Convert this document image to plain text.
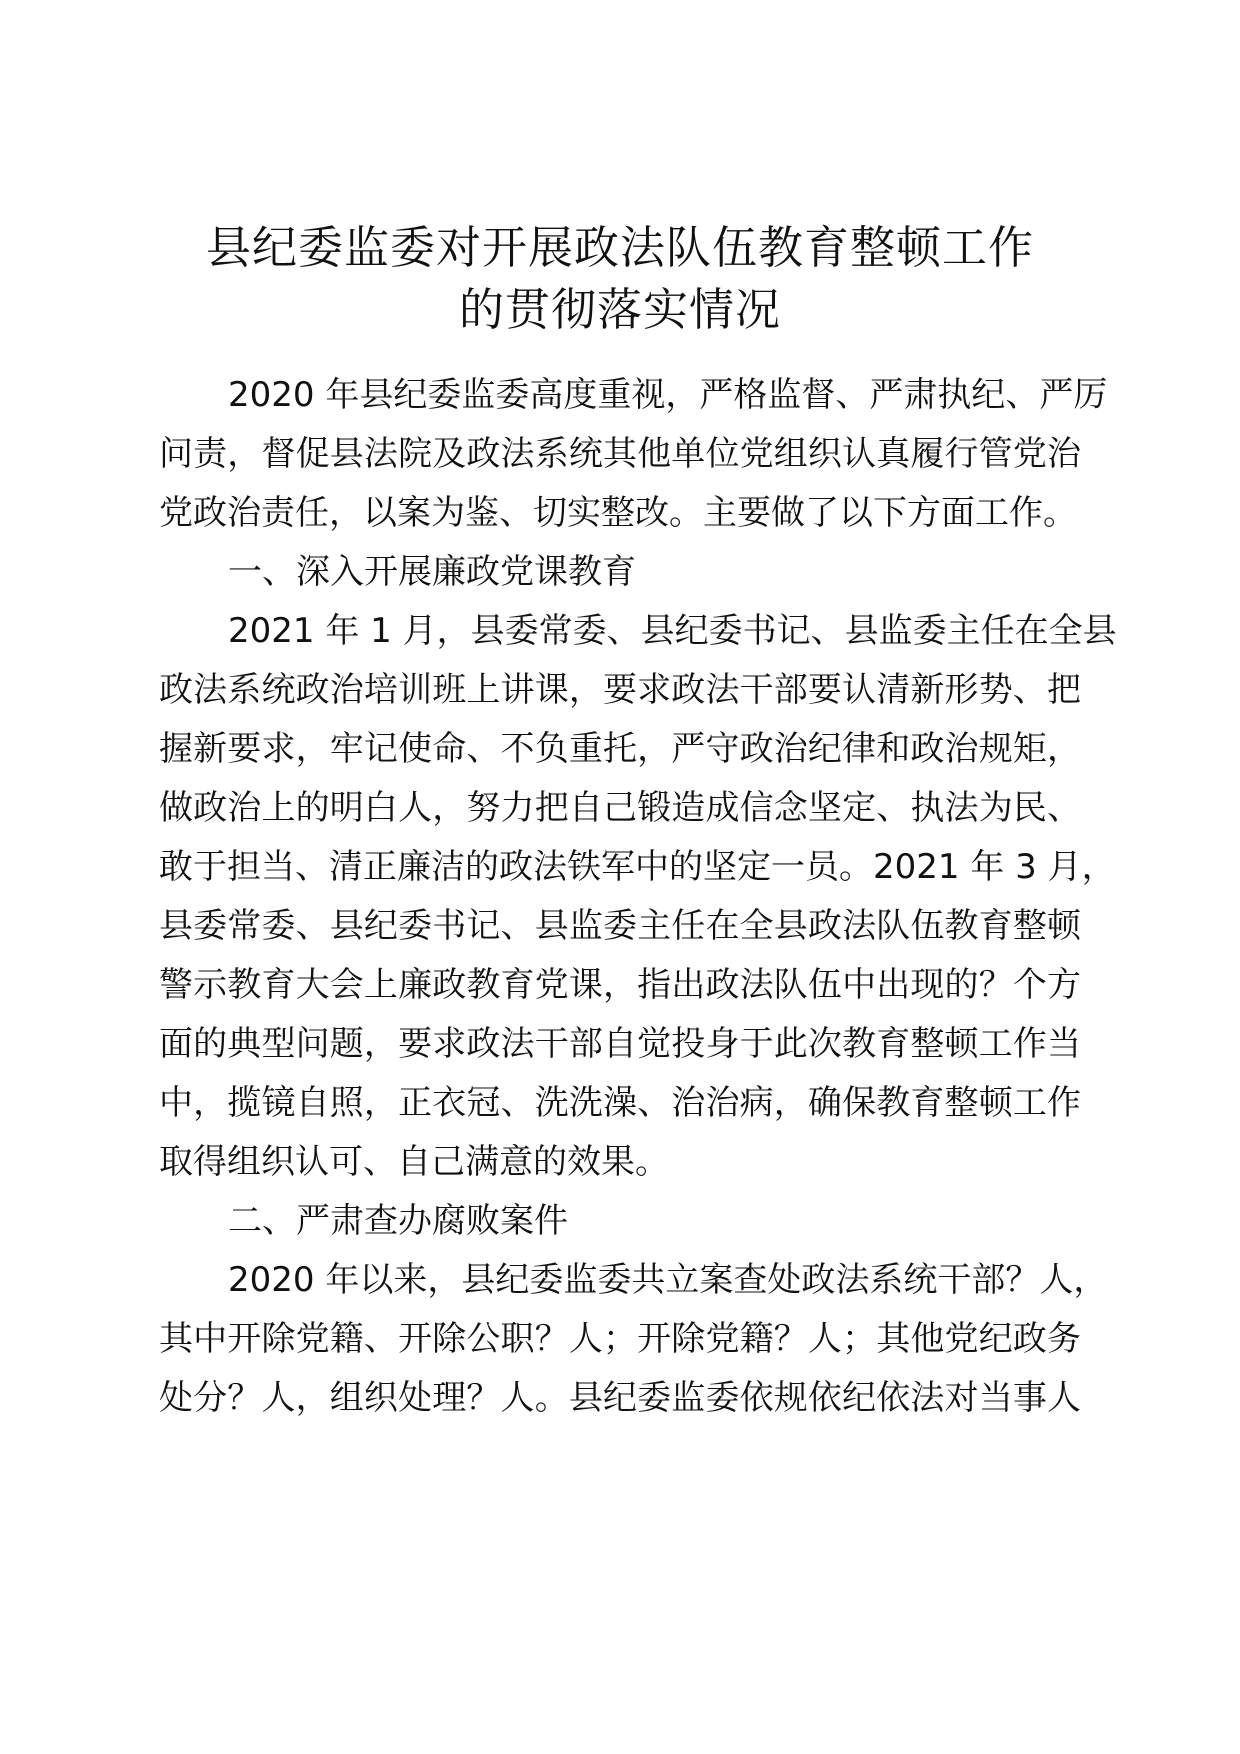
县纪委监委对开展政法队伍教育整顿工作
的贯彻落实情况
2020 年县纪委监委高度重视，严格监督、严肃执纪、严厉
问责，督促县法院及政法系统其他单位党组织认真履行管党治
党政治责任，以案为鉴、切实整改。主要做了以下方面工作。
一、深入开展廉政党课教育
2021 年 1 月，县委常委、县纪委书记、县监委主任在全县
政法系统政治培训班上讲课，要求政法干部要认清新形势、把
握新要求，牢记使命、不负重托，严守政治纪律和政治规矩，
做政治上的明白人，努力把自己锻造成信念坚定、执法为民、
敢于担当、清正廉洁的政法铁军中的坚定一员。2021 年 3 月，
县委常委、县纪委书记、县监委主任在全县政法队伍教育整顿
警示教育大会上廉政教育党课，指出政法队伍中出现的？个方
面的典型问题，要求政法干部自觉投身于此次教育整顿工作当
中，揽镜自照，正衣冠、洗洗澡、治治病，确保教育整顿工作
取得组织认可、自己满意的效果。
二、严肃查办腐败案件
2020 年以来，县纪委监委共立案查处政法系统干部？人，
其中开除党籍、开除公职？人；开除党籍？人；其他党纪政务
处分？人，组织处理？人。县纪委监委依规依纪依法对当事人
